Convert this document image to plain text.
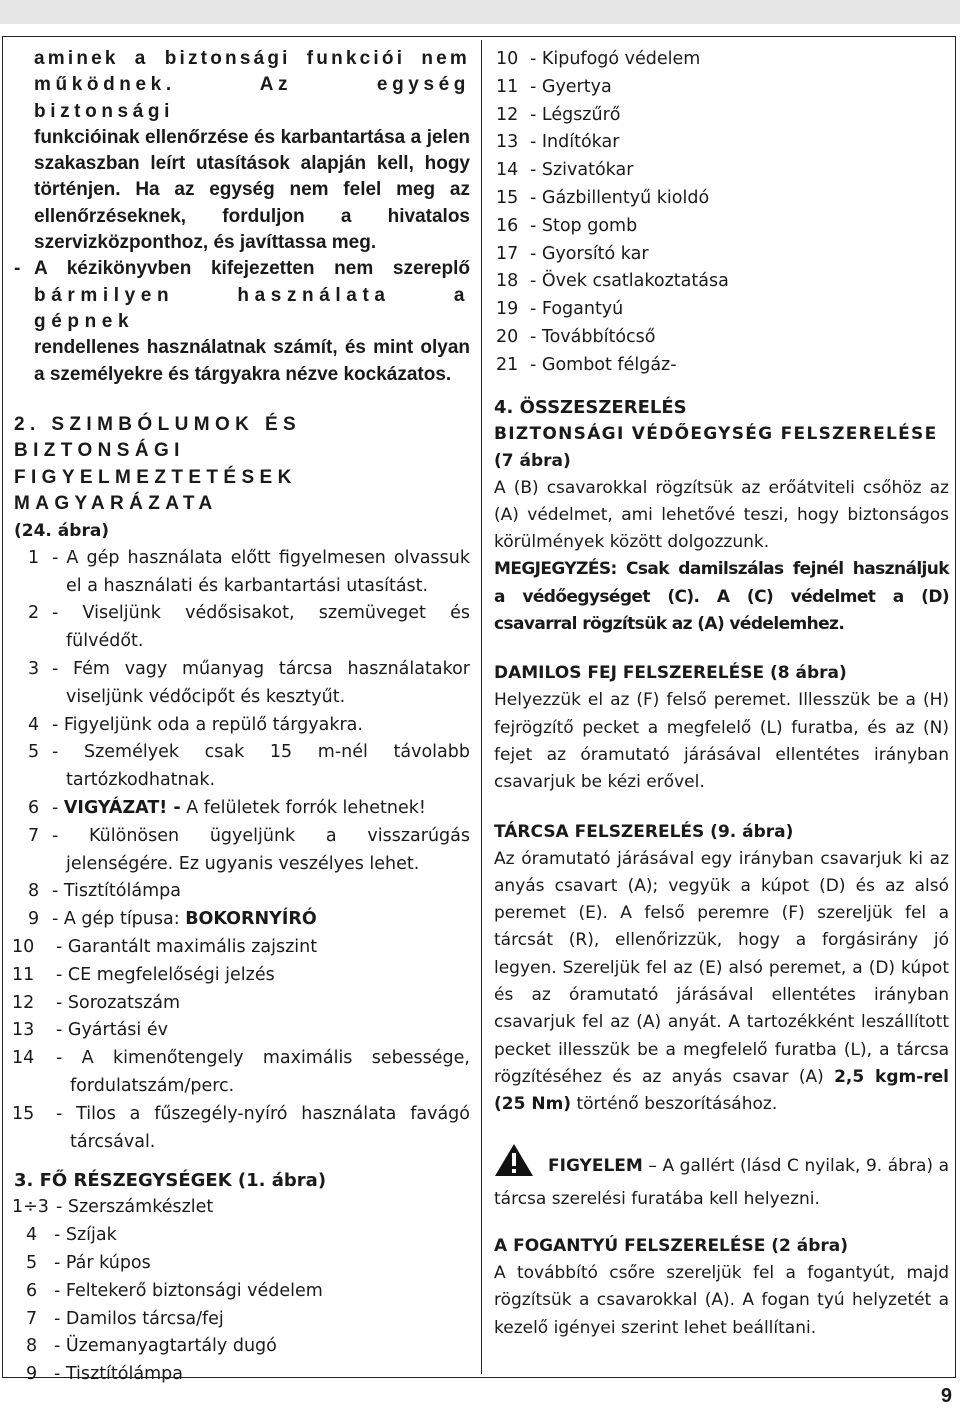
aminek a biztonsági funkciói nem
működnek. Az egység biztonsági
funkcióinak ellenőrzése és karbantartása a jelen szakaszban leírt utasítások alapján kell, hogy történjen. Ha az egység nem felel meg az ellenőrzéseknek, forduljon a hivatalos szervizközponthoz, és javíttassa meg.
- A kézikönyvben kifejezetten nem szereplő
bármilyen használata a gépnek
rendellenes használatnak számít, és mint olyan a személyekre és tárgyakra nézve kockázatos.
2. SZIMBÓLUMOK ÉS BIZTONSÁGI
FIGYELMEZTETÉSEK MAGYARÁZATA
(24. ábra)
1 - A gép használata előtt figyelmesen olvassuk el a használati és karbantartási utasítást.
2 - Viseljünk védősisakot, szemüveget és fülvédőt.
3 - Fém vagy műanyag tárcsa használatakor viseljünk védőcipőt és kesztyűt.
4 - Figyeljünk oda a repülő tárgyakra.
5 - Személyek csak 15 m-nél távolabb tartózkodhatnak.
6 - VIGYÁZAT! - A felületek forrók lehetnek!
7 - Különösen ügyeljünk a visszarúgás jelenségére. Ez ugyanis veszélyes lehet.
8 - Tisztítólámpa
9 - A gép típusa: BOKORNYÍRÓ
10 - Garantált maximális zajszint
11 - CE megfelelőségi jelzés
12 - Sorozatszám
13 - Gyártási év
14 - A kimenőtengely maximális sebessége, fordulatszám/perc.
15 - Tilos a fűszegély-nyíró használata favágó tárcsával.
3. FŐ RÉSZEGYSÉGEK (1. ábra)
1÷3 - Szerszámkészlet
4 - Szíjak
5 - Pár kúpos
6 - Feltekerő biztonsági védelem
7 - Damilos tárcsa/fej
8 - Üzemanyagtartály dugó
9 - Tisztítólámpa
10 - Kipufogó védelem
11 - Gyertya
12 - Légszűrő
13 - Indítókar
14 - Szivatókar
15 - Gázbillentyű kioldó
16 - Stop gomb
17 - Gyorsító kar
18 - Övek csatlakoztatása
19 - Fogantyú
20 - Továbbítócső
21 - Gombot félgáz-
4. ÖSSZESZERELÉS
BIZTONSÁGI VÉDŐEGYSÉG FELSZERELÉSE
(7 ábra)
A (B) csavarokkal rögzítsük az erőátviteli csőhöz az (A) védelmet, ami lehetővé teszi, hogy biztonságos körülmények között dolgozzunk.
MEGJEGYZÉS: Csak damilszálas fejnél használjuk a védőegységet (C). A (C) védelmet a (D) csavarral rögzítsük az (A) védelemhez.
DAMILOS FEJ FELSZERELÉSE (8 ábra)
Helyezzük el az (F) felső peremet. Illesszük be a (H) fejrögzítő pecket a megfelelő (L) furatba, és az (N) fejet az óramutató járásával ellentétes irányban csavarjuk be kézi erővel.
TÁRCSA FELSZERELÉS (9. ábra)
Az óramutató járásával egy irányban csavarjuk ki az anyás csavart (A); vegyük a kúpot (D) és az alsó peremet (E). A felső peremre (F) szereljük fel a tárcsát (R), ellenőrizzük, hogy a forgásirány jó legyen. Szereljük fel az (E) alsó peremet, a (D) kúpot és az óramutató járásával ellentétes irányban csavarjuk fel az (A) anyát. A tartozékként leszállított pecket illesszük be a megfelelő furatba (L), a tárcsa rögzítéséhez és az anyás csavar (A) 2,5 kgm-rel (25 Nm) történő beszorításához.
FIGYELEM – A gallért (lásd C nyilak, 9. ábra) a tárcsa szerelési furatába kell helyezni.
A FOGANTYÚ FELSZERELÉSE (2 ábra)
A továbbító csőre szereljük fel a fogantyút, majd rögzítsük a csavarokkal (A). A fogan tyú helyzetét a kezelő igényei szerint lehet beállítani.
9
